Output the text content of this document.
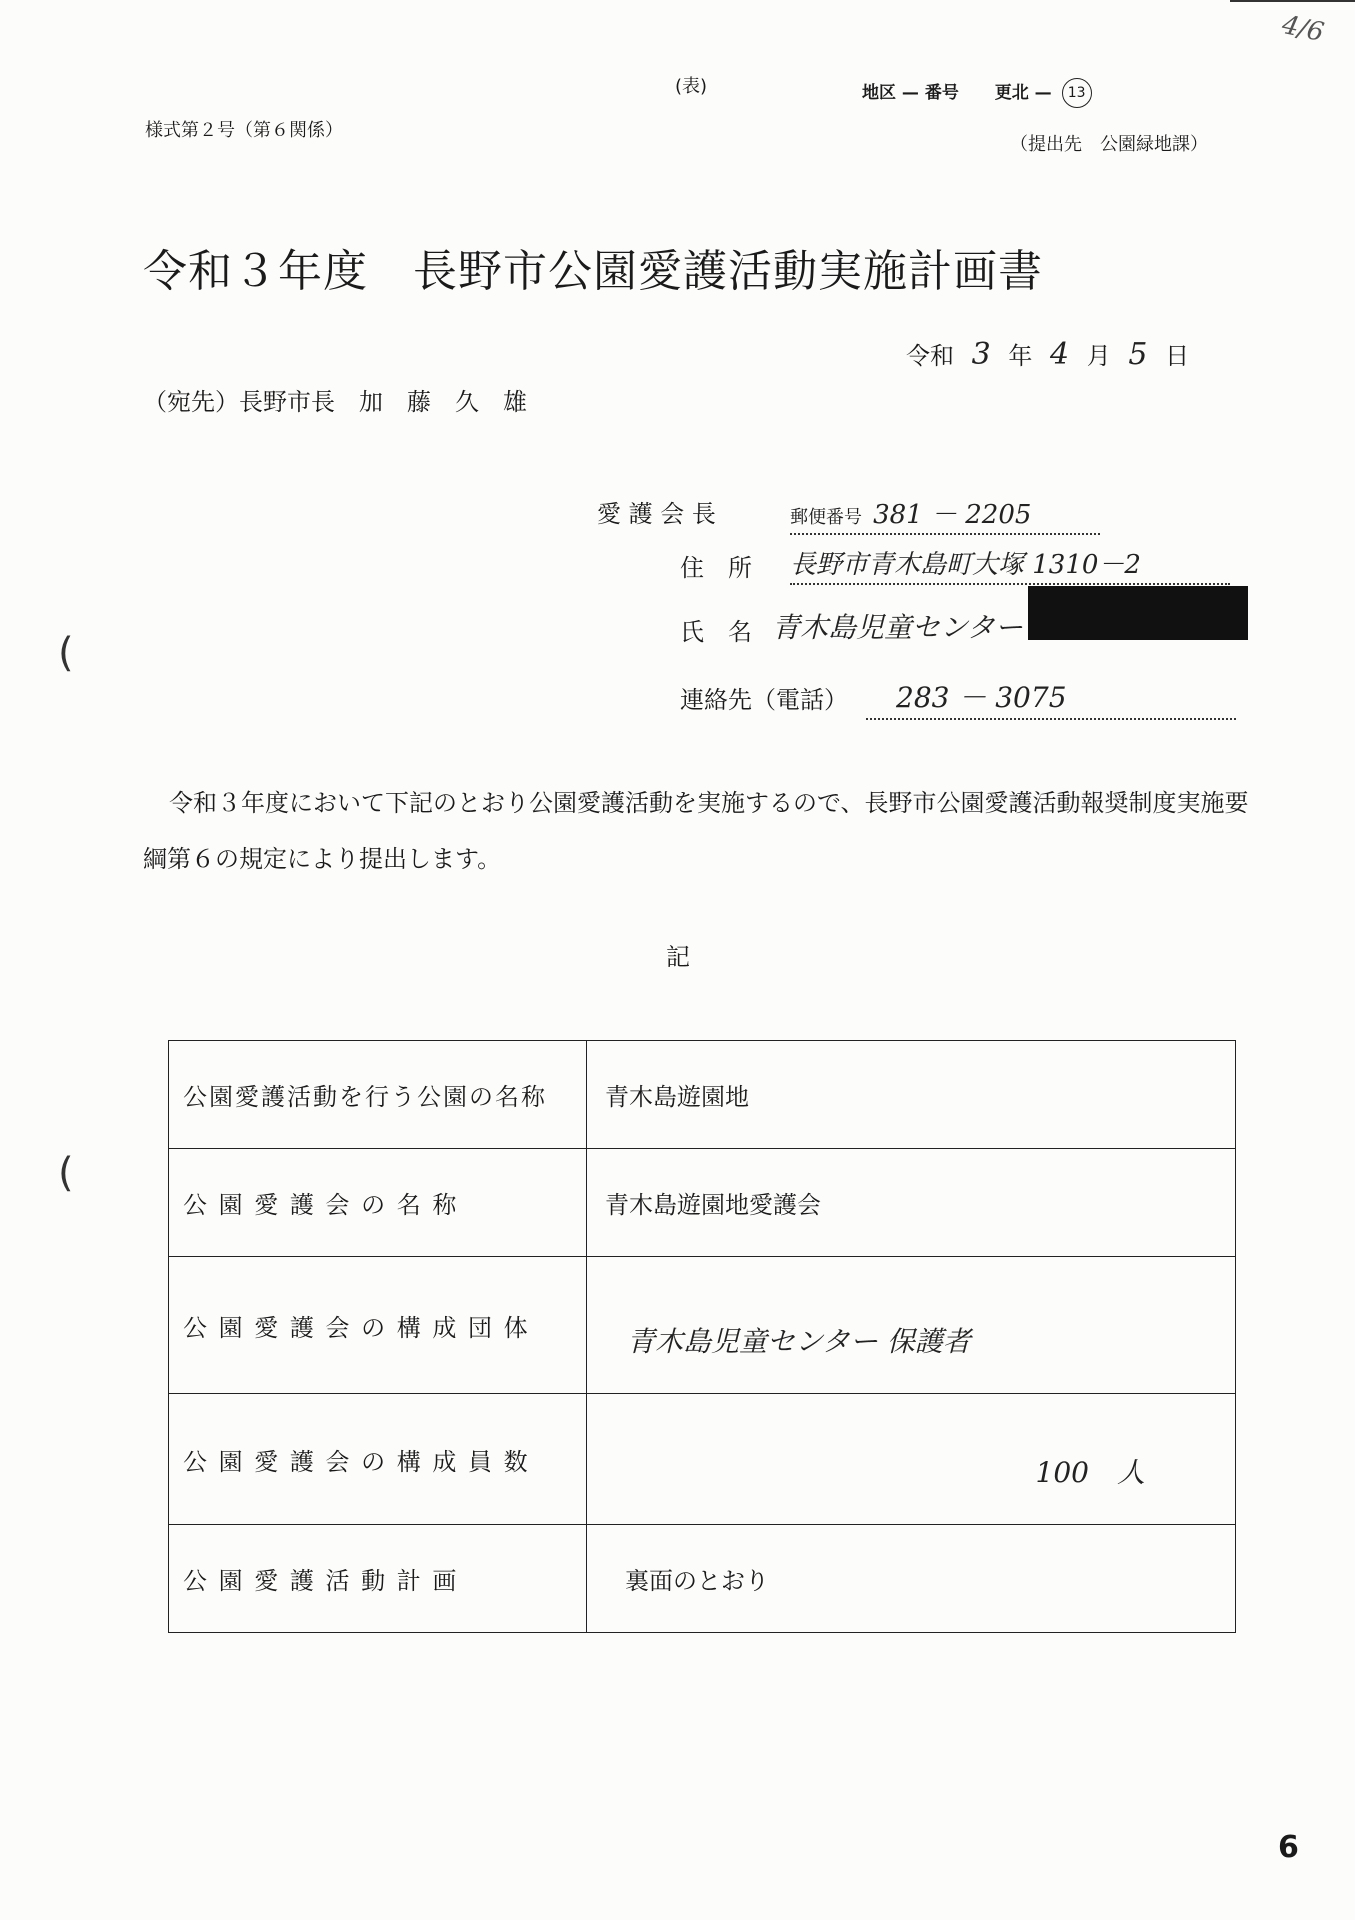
4/6
(表)	地区 — 番号 更北 — 13
様式第２号（第６関係）
（提出先　公園緑地課）
令和３年度　長野市公園愛護活動実施計画書
令和 3 年 4 月 5 日
（宛先）長野市長　加　藤　久　雄
愛 護 会 長	郵便番号 381 － 2205
住　所 長野市青木島町大塚 1310－2
氏　名 青木島児童センター
連絡先（電話）	283 － 3075
令和３年度において下記のとおり公園愛護活動を実施するので、長野市公園愛護活動報奨制度実施要綱第６の規定により提出します。
記
(
(
公園愛護活動を行う公園の名称	青木島遊園地
公 園 愛 護 会 の 名 称	青木島遊園地愛護会
公 園 愛 護 会 の 構 成 団 体	青木島児童センター 保護者
公 園 愛 護 会 の 構 成 員 数	100　人
公 園 愛 護 活 動 計 画	裏面のとおり
6
